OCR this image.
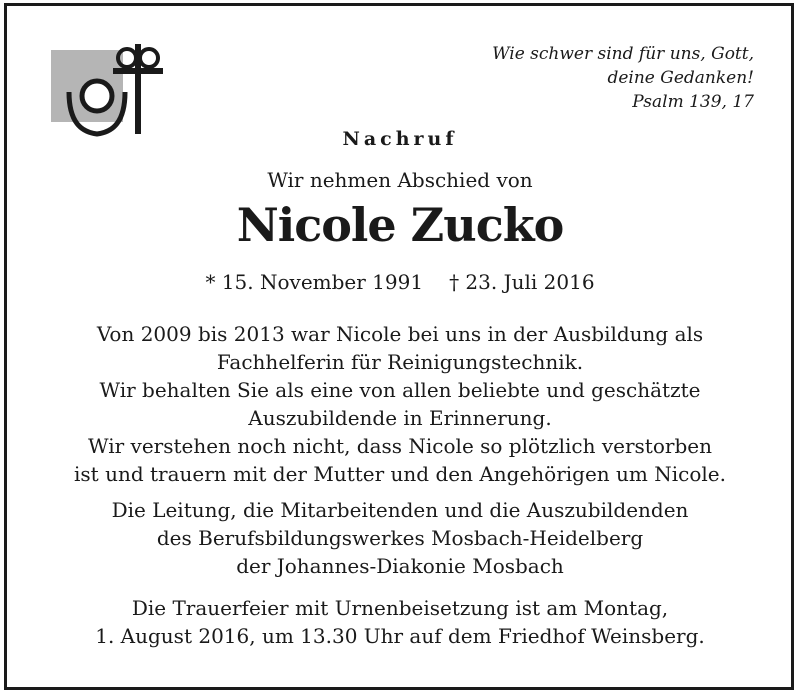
Wie schwer sind für uns, Gott,
deine Gedanken!
Psalm 139, 17
Nachruf
Wir nehmen Abschied von
Nicole Zucko
* 15. November 1991 † 23. Juli 2016
Von 2009 bis 2013 war Nicole bei uns in der Ausbildung als
Fachhelferin für Reinigungstechnik.
Wir behalten Sie als eine von allen beliebte und geschätzte
Auszubildende in Erinnerung.
Wir verstehen noch nicht, dass Nicole so plötzlich verstorben
ist und trauern mit der Mutter und den Angehörigen um Nicole.
Die Leitung, die Mitarbeitenden und die Auszubildenden
des Berufsbildungswerkes Mosbach-Heidelberg
der Johannes-Diakonie Mosbach
Die Trauerfeier mit Urnenbeisetzung ist am Montag,
1. August 2016, um 13.30 Uhr auf dem Friedhof Weinsberg.
